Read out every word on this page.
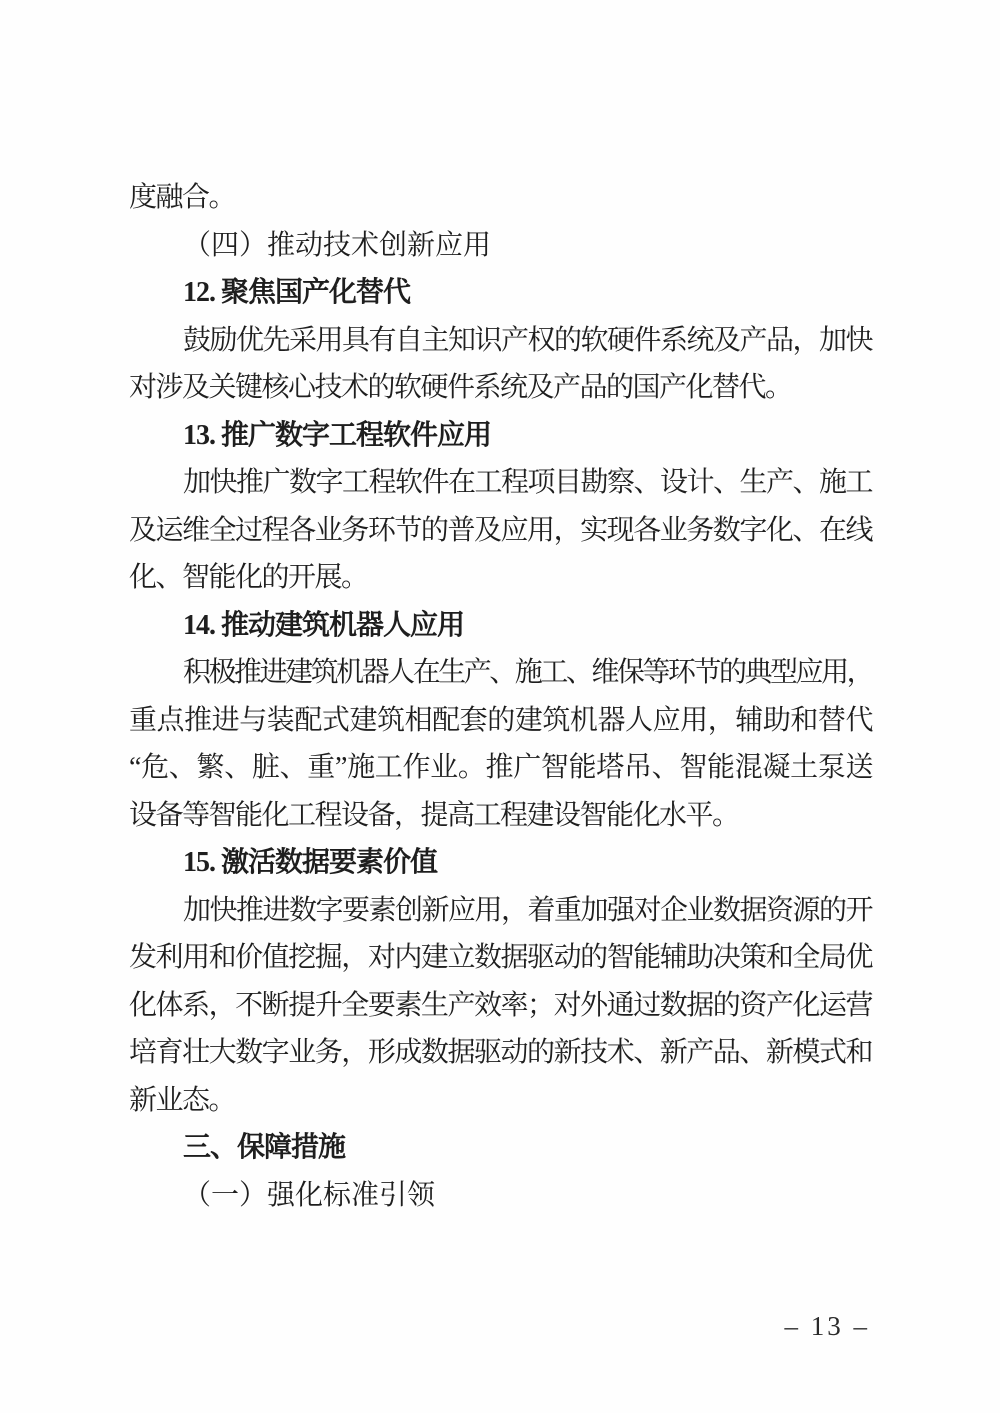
度融合。
（四）推动技术创新应用
12. 聚焦国产化替代
鼓励优先采用具有自主知识产权的软硬件系统及产品，加快
对涉及关键核心技术的软硬件系统及产品的国产化替代。
13. 推广数字工程软件应用
加快推广数字工程软件在工程项目勘察、设计、生产、施工
及运维全过程各业务环节的普及应用，实现各业务数字化、在线
化、智能化的开展。
14. 推动建筑机器人应用
积极推进建筑机器人在生产、施工、维保等环节的典型应用，
重点推进与装配式建筑相配套的建筑机器人应用，辅助和替代
“危、繁、脏、重”施工作业。推广智能塔吊、智能混凝土泵送
设备等智能化工程设备，提高工程建设智能化水平。
15. 激活数据要素价值
加快推进数字要素创新应用，着重加强对企业数据资源的开
发利用和价值挖掘，对内建立数据驱动的智能辅助决策和全局优
化体系，不断提升全要素生产效率；对外通过数据的资产化运营
培育壮大数字业务，形成数据驱动的新技术、新产品、新模式和
新业态。
三、保障措施
（一）强化标准引领
– 13 –
